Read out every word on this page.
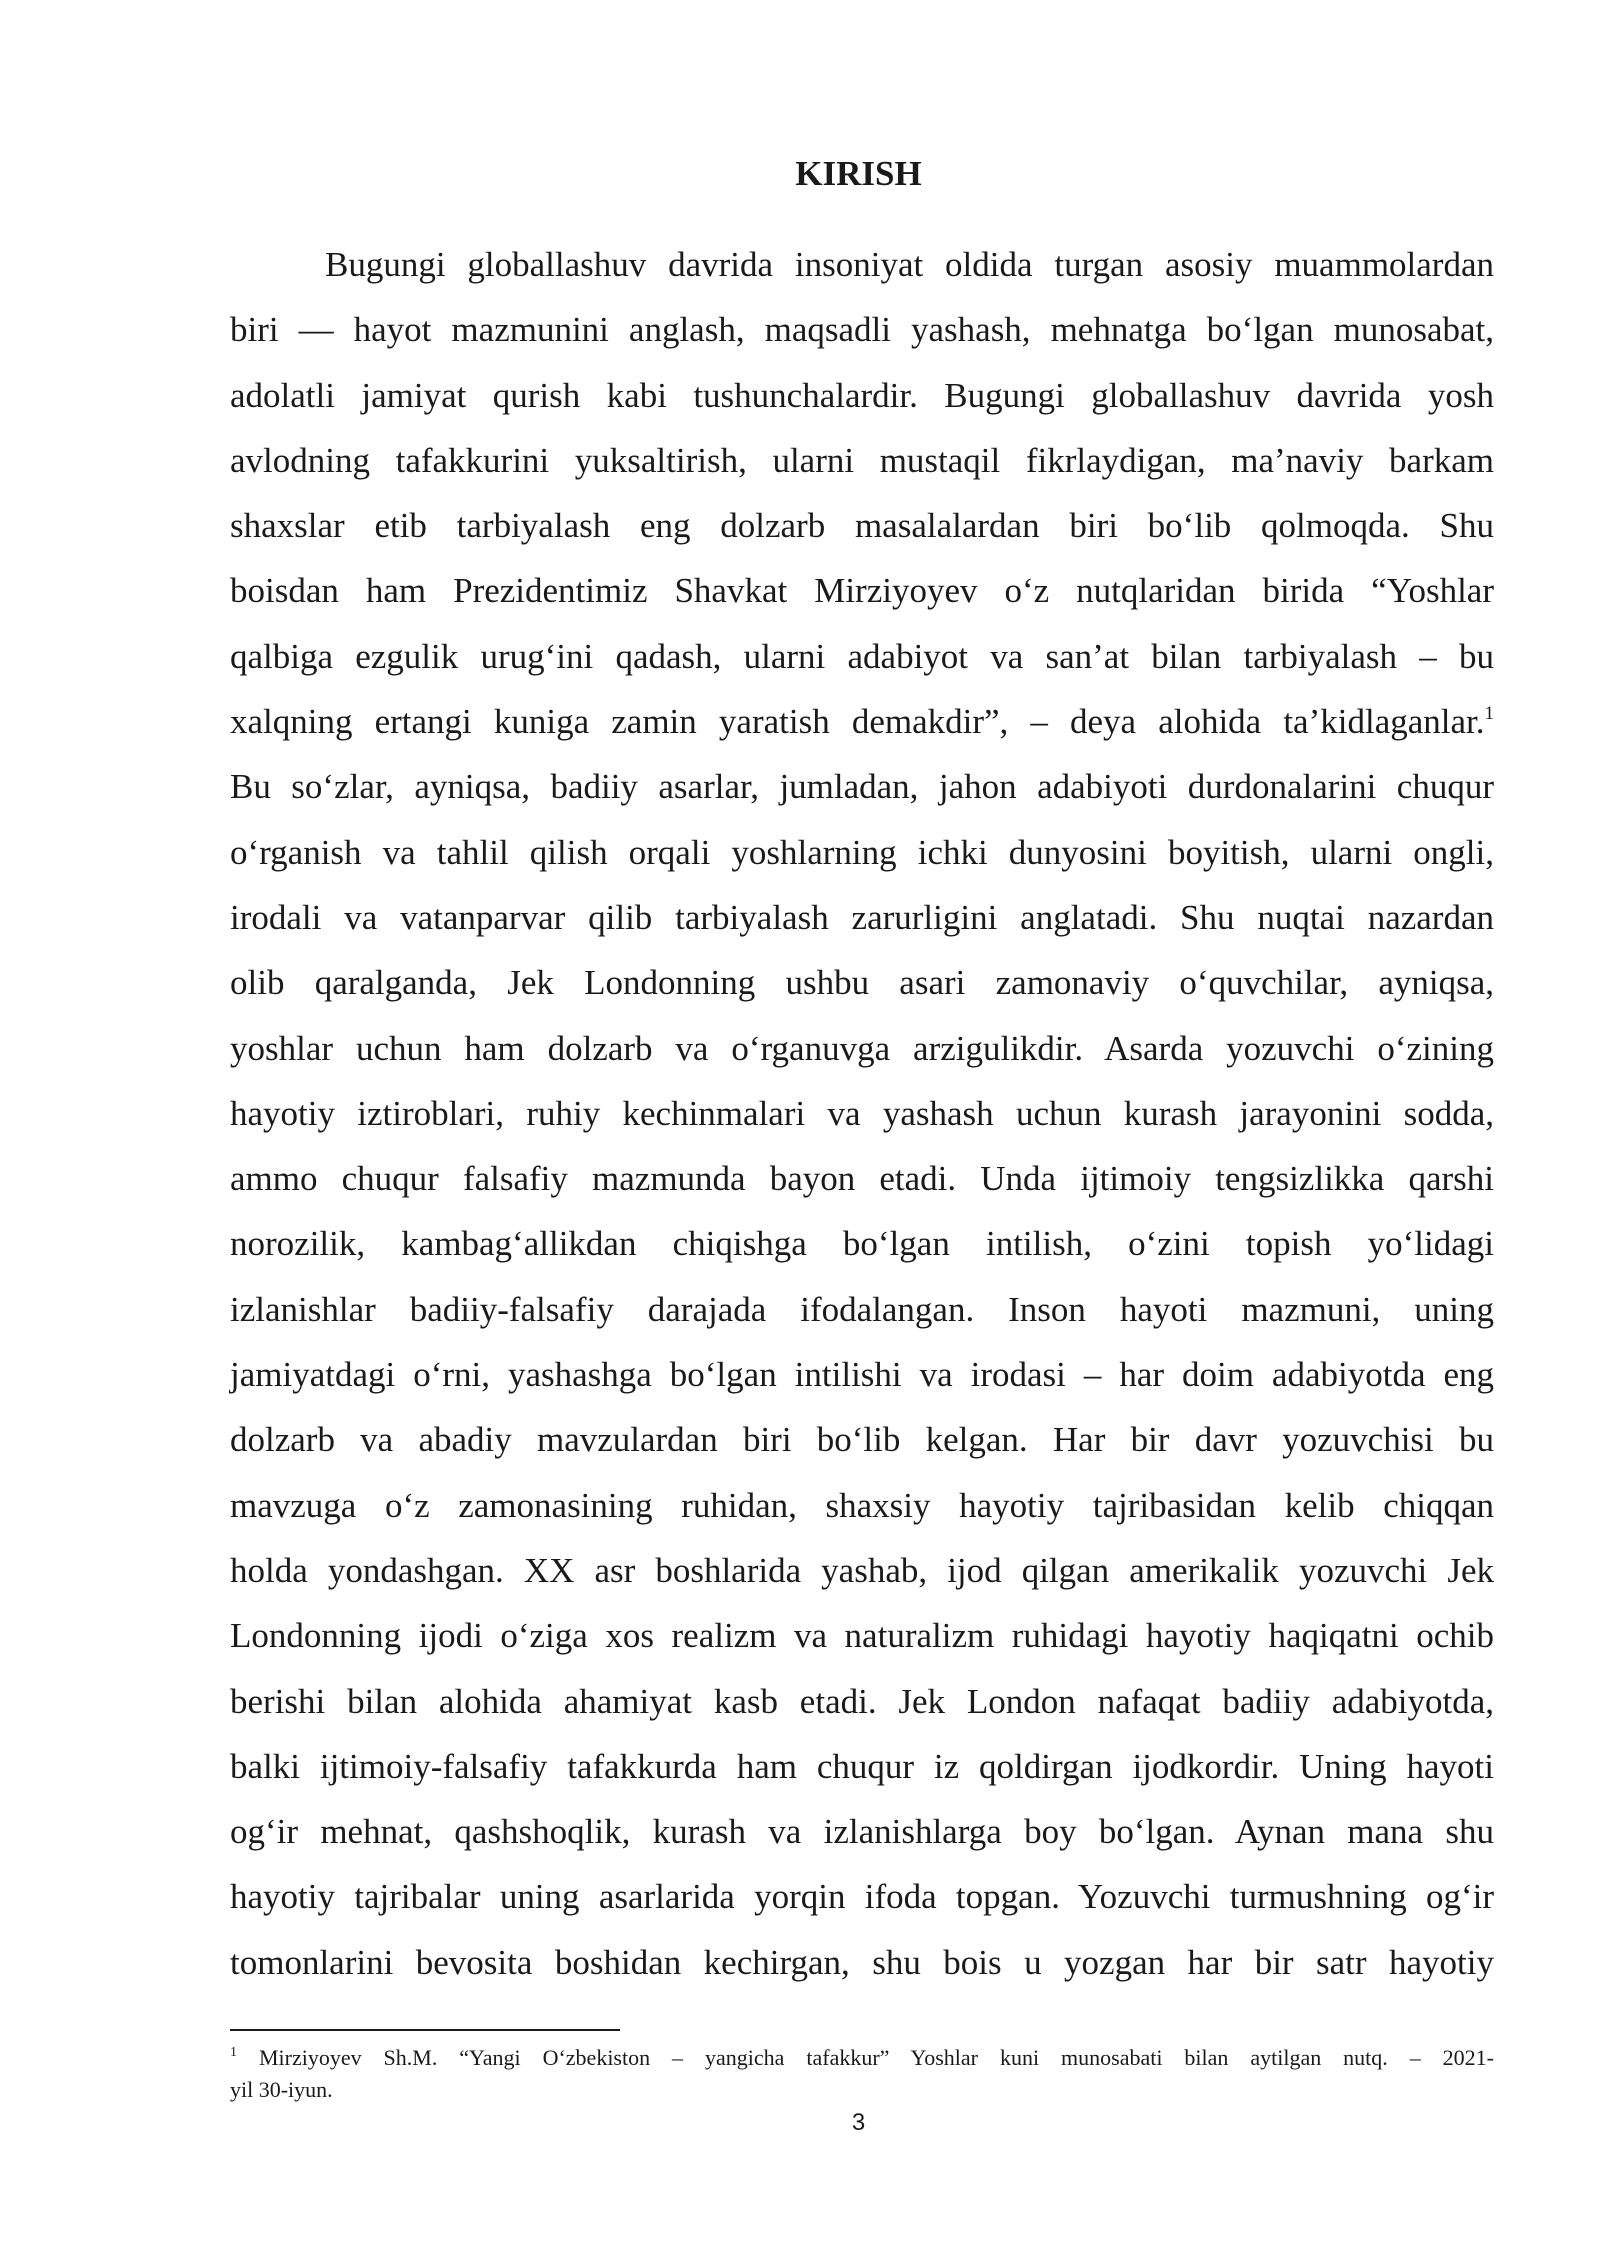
KIRISH
Bugungi globallashuv davrida insoniyat oldida turgan asosiy muammolardan
biri — hayot mazmunini anglash, maqsadli yashash, mehnatga bo‘lgan munosabat,
adolatli jamiyat qurish kabi tushunchalardir. Bugungi globallashuv davrida yosh
avlodning tafakkurini yuksaltirish, ularni mustaqil fikrlaydigan, ma’naviy barkam
shaxslar etib tarbiyalash eng dolzarb masalalardan biri bo‘lib qolmoqda. Shu
boisdan ham Prezidentimiz Shavkat Mirziyoyev o‘z nutqlaridan birida “Yoshlar
qalbiga ezgulik urug‘ini qadash, ularni adabiyot va san’at bilan tarbiyalash – bu
xalqning ertangi kuniga zamin yaratish demakdir”, – deya alohida ta’kidlaganlar.$^1$
Bu so‘zlar, ayniqsa, badiiy asarlar, jumladan, jahon adabiyoti durdonalarini chuqur
o‘rganish va tahlil qilish orqali yoshlarning ichki dunyosini boyitish, ularni ongli,
irodali va vatanparvar qilib tarbiyalash zarurligini anglatadi. Shu nuqtai nazardan
olib qaralganda, Jek Londonning ushbu asari zamonaviy o‘quvchilar, ayniqsa,
yoshlar uchun ham dolzarb va o‘rganuvga arzigulikdir. Asarda yozuvchi o‘zining
hayotiy iztiroblari, ruhiy kechinmalari va yashash uchun kurash jarayonini sodda,
ammo chuqur falsafiy mazmunda bayon etadi. Unda ijtimoiy tengsizlikka qarshi
norozilik, kambag‘allikdan chiqishga bo‘lgan intilish, o‘zini topish yo‘lidagi
izlanishlar badiiy-falsafiy darajada ifodalangan. Inson hayoti mazmuni, uning
jamiyatdagi o‘rni, yashashga bo‘lgan intilishi va irodasi – har doim adabiyotda eng
dolzarb va abadiy mavzulardan biri bo‘lib kelgan. Har bir davr yozuvchisi bu
mavzuga o‘z zamonasining ruhidan, shaxsiy hayotiy tajribasidan kelib chiqqan
holda yondashgan. XX asr boshlarida yashab, ijod qilgan amerikalik yozuvchi Jek
Londonning ijodi o‘ziga xos realizm va naturalizm ruhidagi hayotiy haqiqatni ochib
berishi bilan alohida ahamiyat kasb etadi. Jek London nafaqat badiiy adabiyotda,
balki ijtimoiy-falsafiy tafakkurda ham chuqur iz qoldirgan ijodkordir. Uning hayoti
og‘ir mehnat, qashshoqlik, kurash va izlanishlarga boy bo‘lgan. Aynan mana shu
hayotiy tajribalar uning asarlarida yorqin ifoda topgan. Yozuvchi turmushning og‘ir
tomonlarini bevosita boshidan kechirgan, shu bois u yozgan har bir satr hayotiy
$^1$ Mirziyoyev Sh.M. “Yangi O‘zbekiston – yangicha tafakkur” Yoshlar kuni munosabati bilan aytilgan nutq. – 2021-
yil 30-iyun.
3
